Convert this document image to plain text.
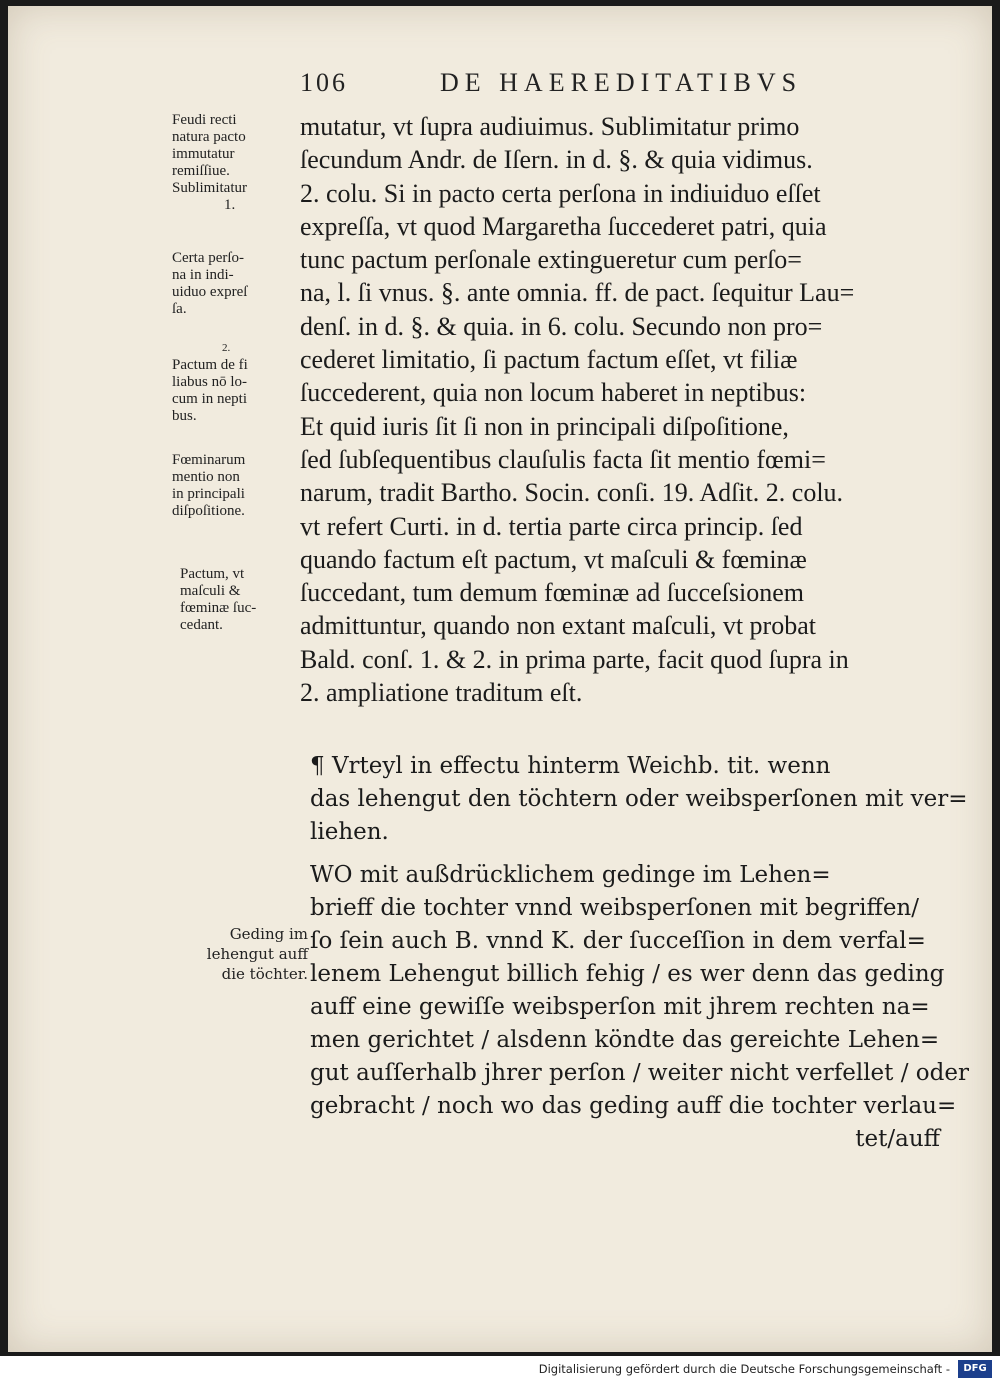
106	DE HAEREDITATIBVS
mutatur, vt ſupra audiuimus. Sublimitatur primo
ſecundum Andr. de Iſern. in d. §. & quia vidimus.
2. colu. Si in pacto certa perſona in indiuiduo eſſet
expreſſa, vt quod Margaretha ſuccederet patri, quia
tunc pactum perſonale extingueretur cum perſo=
na, l. ſi vnus. §. ante omnia. ff. de pact. ſequitur Lau=
denſ. in d. §. & quia. in 6. colu. Secundo non pro=
cederet limitatio, ſi pactum factum eſſet, vt filiæ
ſuccederent, quia non locum haberet in neptibus:
Et quid iuris ſit ſi non in principali diſpoſitione,
ſed ſubſequentibus clauſulis facta ſit mentio fœmi=
narum, tradit Bartho. Socin. conſi. 19. Adſit. 2. colu.
vt refert Curti. in d. tertia parte circa princip. ſed
quando factum eſt pactum, vt maſculi & fœminæ
ſuccedant, tum demum fœminæ ad ſucceſsionem
admittuntur, quando non extant maſculi, vt probat
Bald. conſ. 1. & 2. in prima parte, facit quod ſupra in
2. ampliatione traditum eſt.
Feudi recti
natura pacto
immutatur
remiſſiue.
Sublimitatur
1.
Certa perſo-
na in indi-
uiduo expreſ
ſa.
2.
Pactum de fi
liabus nō lo-
cum in nepti
bus.
Fœminarum
mentio non
in principali
diſpoſitione.
Pactum, vt
maſculi &
fœminæ ſuc-
cedant.
¶ Vrteyl in effectu hinterm Weichb. tit. wenn
das lehengut den töchtern oder weibsperſonen mit ver=
liehen.
WO mit außdrücklichem gedinge im Lehen=
brieff die tochter vnnd weibsperſonen mit begriffen/
ſo ſein auch B. vnnd K. der ſucceſſion in dem verfal=
lenem Lehengut billich fehig / es wer denn das geding
auff eine gewiſſe weibsperſon mit jhrem rechten na=
men gerichtet / alsdenn köndte das gereichte Lehen=
gut auſſerhalb jhrer perſon / weiter nicht verfellet / oder
gebracht / noch wo das geding auff die tochter verlau=
tet/auff
Geding im
lehengut auff
die töchter.
Digitalisierung gefördert durch die Deutsche Forschungsgemeinschaft -	DFG
